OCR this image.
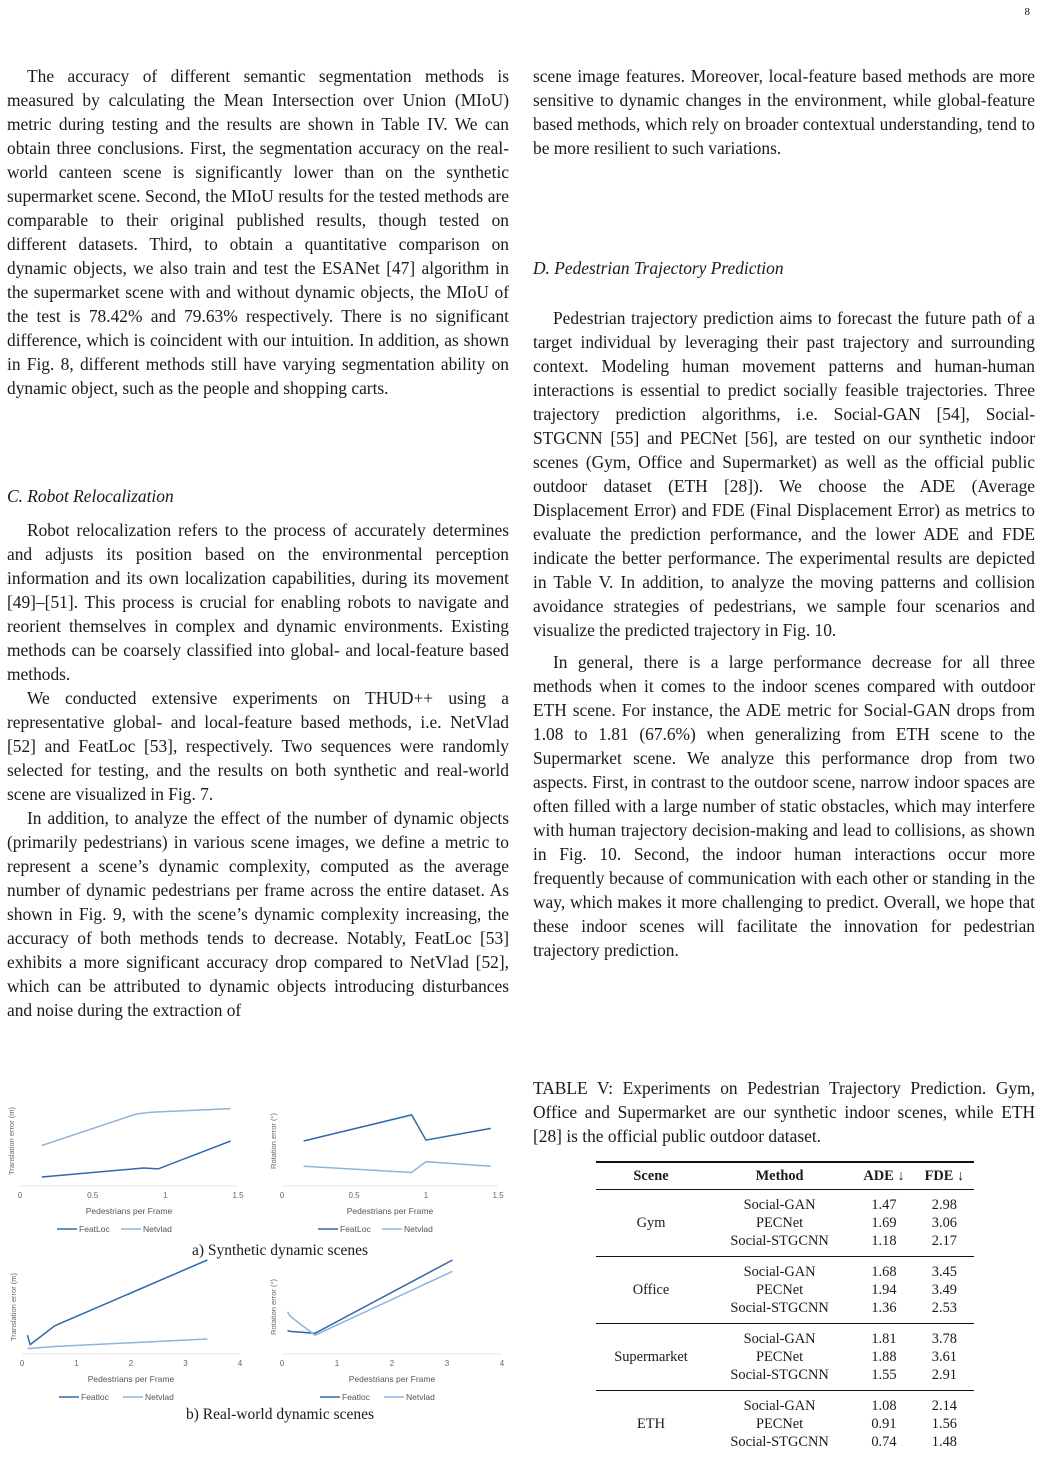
8

The accuracy of different semantic segmentation methods is measured by calculating the Mean Intersection over Union (MIoU) metric during testing and the results are shown in Table IV. We can obtain three conclusions. First, the segmentation accuracy on the real-world canteen scene is significantly lower than on the synthetic supermarket scene. Second, the MIoU results for the tested methods are comparable to their original published results, though tested on different datasets. Third, to obtain a quantitative comparison on dynamic objects, we also train and test the ESANet [47] algorithm in the supermarket scene with and without dynamic objects, the MIoU of the test is 78.42% and 79.63% respectively. There is no significant difference, which is coincident with our intuition. In addition, as shown in Fig. 8, different methods still have varying segmentation ability on dynamic object, such as the people and shopping carts.

C. Robot Relocalization

Robot relocalization refers to the process of accurately determines and adjusts its position based on the environmental perception information and its own localization capabilities, during its movement [49]–[51]. This process is crucial for enabling robots to navigate and reorient themselves in complex and dynamic environments. Existing methods can be coarsely classified into global- and local-feature based methods.

We conducted extensive experiments on THUD++ using a representative global- and local-feature based methods, i.e. NetVlad [52] and FeatLoc [53], respectively. Two sequences were randomly selected for testing, and the results on both synthetic and real-world scene are visualized in Fig. 7.

In addition, to analyze the effect of the number of dynamic objects (primarily pedestrians) in various scene images, we define a metric to represent a scene’s dynamic complexity, computed as the average number of dynamic pedestrians per frame across the entire dataset. As shown in Fig. 9, with the scene’s dynamic complexity increasing, the accuracy of both methods tends to decrease. Notably, FeatLoc [53] exhibits a more significant accuracy drop compared to NetVlad [52], which can be attributed to dynamic objects introducing disturbances and noise during the extraction of

scene image features. Moreover, local-feature based methods are more sensitive to dynamic changes in the environment, while global-feature based methods, which rely on broader contextual understanding, tend to be more resilient to such variations.

D. Pedestrian Trajectory Prediction

Pedestrian trajectory prediction aims to forecast the future path of a target individual by leveraging their past trajectory and surrounding context. Modeling human movement patterns and human-human interactions is essential to predict socially feasible trajectories. Three trajectory prediction algorithms, i.e. Social-GAN [54], Social-STGCNN [55] and PECNet [56], are tested on our synthetic indoor scenes (Gym, Office and Supermarket) as well as the official public outdoor dataset (ETH [28]). We choose the ADE (Average Displacement Error) and FDE (Final Displacement Error) as metrics to evaluate the prediction performance, and the lower ADE and FDE indicate the better performance. The experimental results are depicted in Table V. In addition, to analyze the moving patterns and collision avoidance strategies of pedestrians, we sample four scenarios and visualize the predicted trajectory in Fig. 10.

In general, there is a large performance decrease for all three methods when it comes to the indoor scenes compared with outdoor ETH scene. For instance, the ADE metric for Social-GAN drops from 1.08 to 1.81 (67.6%) when generalizing from ETH scene to the Supermarket scene. We analyze this performance drop from two aspects. First, in contrast to the outdoor scene, narrow indoor spaces are often filled with a large number of static obstacles, which may interfere with human trajectory decision-making and lead to collisions, as shown in Fig. 10. Second, the indoor human interactions occur more frequently because of communication with each other or standing in the way, which makes it more challenging to predict. Overall, we hope that these indoor scenes will facilitate the innovation for pedestrian trajectory prediction.

TABLE V: Experiments on Pedestrian Trajectory Prediction. Gym, Office and Supermarket are our synthetic indoor scenes, while ETH [28] is the official public outdoor dataset.
Scene	Method	ADE ↓	FDE ↓
Gym	Social-GAN	1.47	2.98
	PECNet	1.69	3.06
	Social-STGCNN	1.18	2.17
Office	Social-GAN	1.68	3.45
	PECNet	1.94	3.49
	Social-STGCNN	1.36	2.53
Supermarket	Social-GAN	1.81	3.78
	PECNet	1.88	3.61
	Social-STGCNN	1.55	2.91
ETH	Social-GAN	1.08	2.14
	PECNet	0.91	1.56
	Social-STGCNN	0.74	1.48
Translation error (m)
0	0.5	1	1.5
Pedestrians per Frame
FeatLoc	Netvlad
Rotation error (°)
0	0.5	1	1.5
Pedestrians per Frame
FeatLoc	Netvlad
Translation error (m)
0	1	2	3	4
Pedestrians per Frame
Featloc	Netvlad
Rotation error (°)
0	1	2	3	4
Pedestrians per Frame
Featloc	Netvlad
a) Synthetic dynamic scenes
b) Real-world dynamic scenes
